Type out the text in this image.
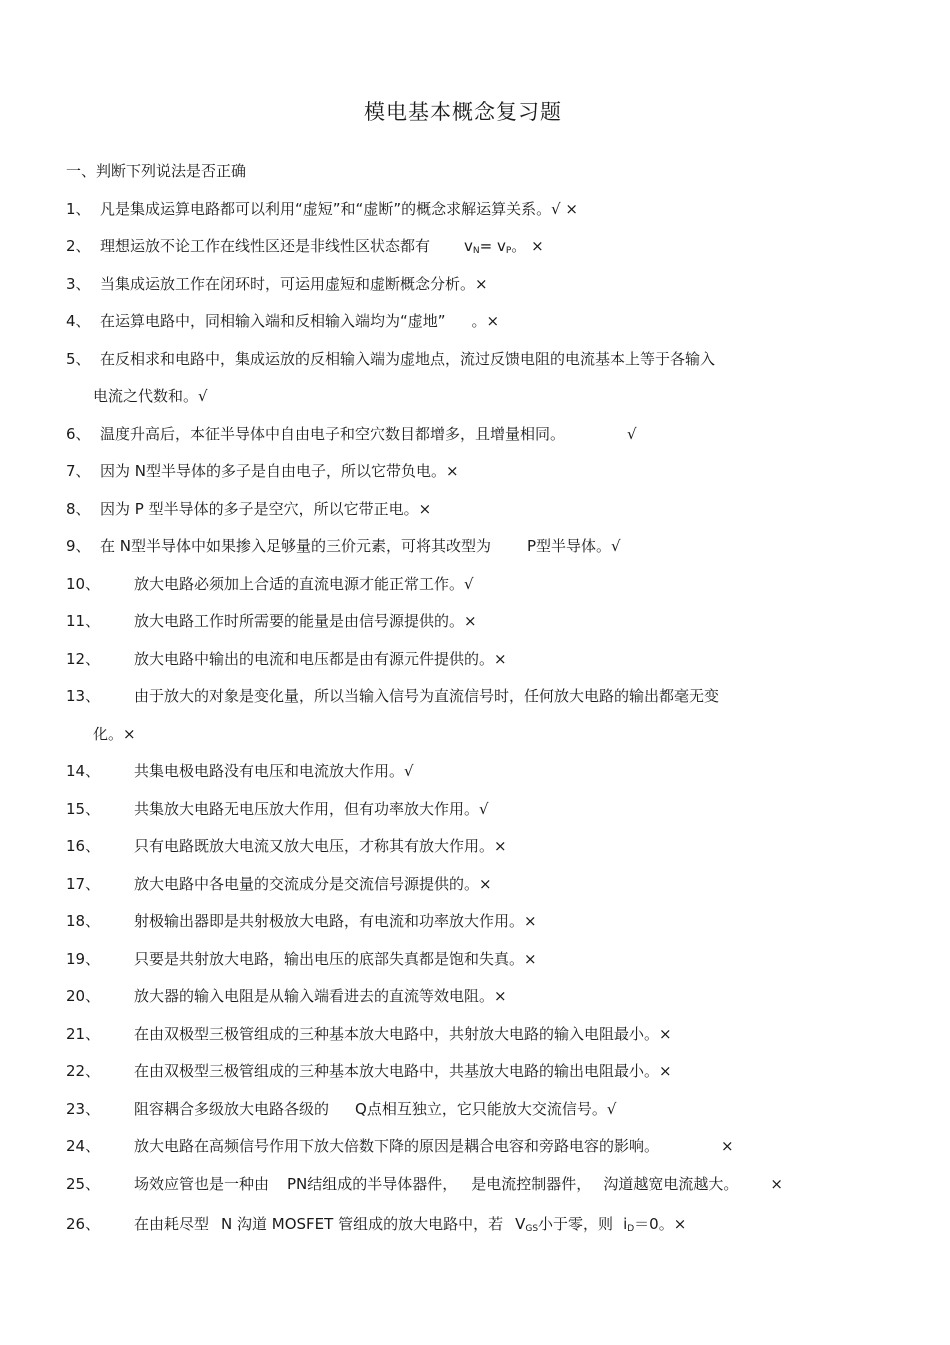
模电基本概念复习题
一、判断下列说法是否正确
1、 凡是集成运算电路都可以利用“虚短”和“虚断”的概念求解运算关系。√ ×
2、 理想运放不论工作在线性区还是非线性区状态都有 $v_N= v_P$。 ×
3、 当集成运放工作在闭环时，可运用虚短和虚断概念分析。×
4、 在运算电路中，同相输入端和反相输入端均为“虚地” 。×
5、 在反相求和电路中，集成运放的反相输入端为虚地点，流过反馈电阻的电流基本上等于各输入
电流之代数和。√
6、 温度升高后，本征半导体中自由电子和空穴数目都增多，且增量相同。	√
7、 因为 N型半导体的多子是自由电子，所以它带负电。×
8、 因为 P 型半导体的多子是空穴，所以它带正电。×
9、 在 N型半导体中如果掺入足够量的三价元素，可将其改型为 P型半导体。√
10、 放大电路必须加上合适的直流电源才能正常工作。√
11、 放大电路工作时所需要的能量是由信号源提供的。×
12、 放大电路中输出的电流和电压都是由有源元件提供的。×
13、 由于放大的对象是变化量，所以当输入信号为直流信号时，任何放大电路的输出都毫无变
化。×
14、 共集电极电路没有电压和电流放大作用。√
15、 共集放大电路无电压放大作用，但有功率放大作用。√
16、 只有电路既放大电流又放大电压，才称其有放大作用。×
17、 放大电路中各电量的交流成分是交流信号源提供的。×
18、 射极输出器即是共射极放大电路，有电流和功率放大作用。×
19、 只要是共射放大电路，输出电压的底部失真都是饱和失真。×
20、 放大器的输入电阻是从输入端看进去的直流等效电阻。×
21、 在由双极型三极管组成的三种基本放大电路中，共射放大电路的输入电阻最小。×
22、 在由双极型三极管组成的三种基本放大电路中，共基放大电路的输出电阻最小。×
23、 阻容耦合多级放大电路各级的 Q点相互独立，它只能放大交流信号。√
24、 放大电路在高频信号作用下放大倍数下降的原因是耦合电容和旁路电容的影响。	×
25、 场效应管也是一种由 PN结组成的半导体器件， 是电流控制器件， 沟道越宽电流越大。 ×
26、 在由耗尽型 N 沟道 MOSFET 管组成的放大电路中，若 $V_{GS}$小于零，则 $i_D=0$。×
